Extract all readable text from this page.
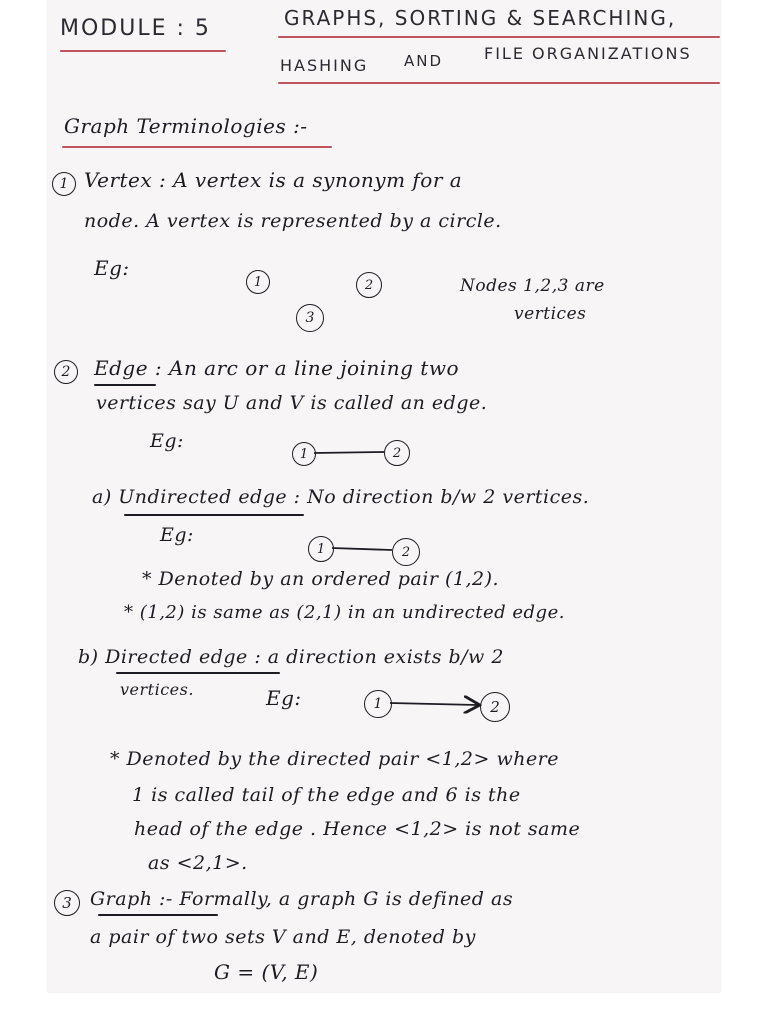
MODULE : 5	GRAPHS, SORTING & SEARCHING,
HASHING AND	FILE ORGANIZATIONS
Graph Terminologies :-
1 Vertex : A vertex is a synonym for a
node. A vertex is represented by a circle.
Eg:
1	2
3
Nodes 1,2,3 are
vertices
2	Edge : An arc or a line joining two
vertices say U and V is called an edge.
Eg:
1	2
a) Undirected edge : No direction b/w 2 vertices.
Eg:
1	2
* Denoted by an ordered pair (1,2).
* (1,2) is same as (2,1) in an undirected edge.
b) Directed edge : a direction exists b/w 2
vertices.	Eg:	1	2
* Denoted by the directed pair <1,2> where
1 is called tail of the edge and 6 is the
head of the edge . Hence <1,2> is not same
as <2,1>.
3 Graph :- Formally, a graph G is defined as
a pair of two sets V and E, denoted by
G = (V, E)
